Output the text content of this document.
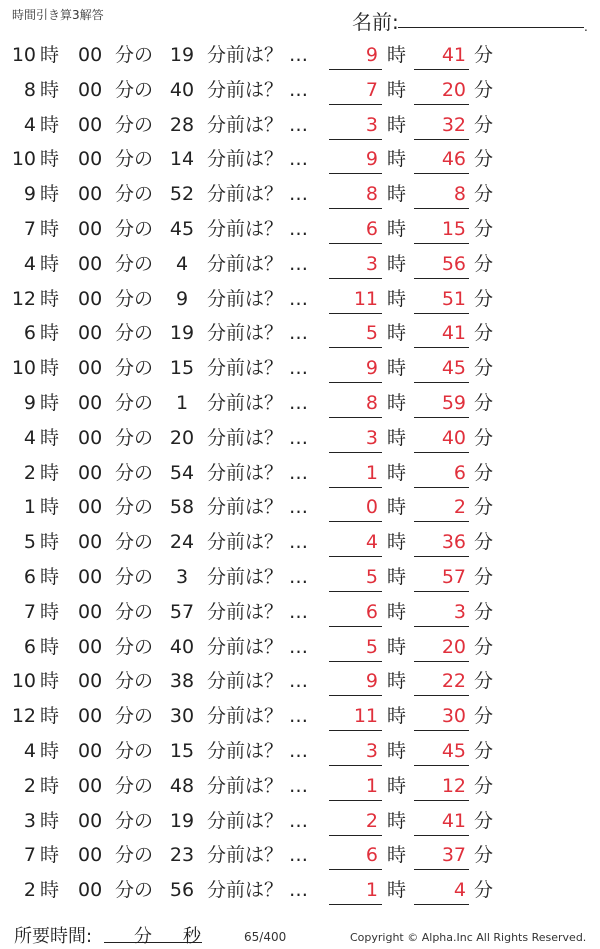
時間引き算3解答	名前:	.
10 時 00 分の 19 分前は？ …	9 時	41 分
8 時 00 分の 40 分前は？ …	7 時	20 分
4 時 00 分の 28 分前は？ …	3 時	32 分
10 時 00 分の 14 分前は？ …	9 時	46 分
9 時 00 分の 52 分前は？ …	8 時	8 分
7 時 00 分の 45 分前は？ …	6 時	15 分
4 時 00 分の	4 分前は？ …	3 時	56 分
12 時 00 分の	9 分前は？ …	11 時	51 分
6 時 00 分の 19 分前は？ …	5 時	41 分
10 時 00 分の 15 分前は？ …	9 時	45 分
9 時 00 分の	1 分前は？ …	8 時	59 分
4 時 00 分の 20 分前は？ …	3 時	40 分
2 時 00 分の 54 分前は？ …	1 時	6 分
1 時 00 分の 58 分前は？ …	0 時	2 分
5 時 00 分の 24 分前は？ …	4 時	36 分
6 時 00 分の	3 分前は？ …	5 時	57 分
7 時 00 分の 57 分前は？ …	6 時	3 分
6 時 00 分の 40 分前は？ …	5 時	20 分
10 時 00 分の 38 分前は？ …	9 時	22 分
12 時 00 分の 30 分前は？ …	11 時	30 分
4 時 00 分の 15 分前は？ …	3 時	45 分
2 時 00 分の 48 分前は？ …	1 時	12 分
3 時 00 分の 19 分前は？ …	2 時	41 分
7 時 00 分の 23 分前は？ …	6 時	37 分
2 時 00 分の 56 分前は？ …	1 時	4 分
所要時間: 分 秒	65/400	Copyright © Alpha.Inc All Rights Reserved.
